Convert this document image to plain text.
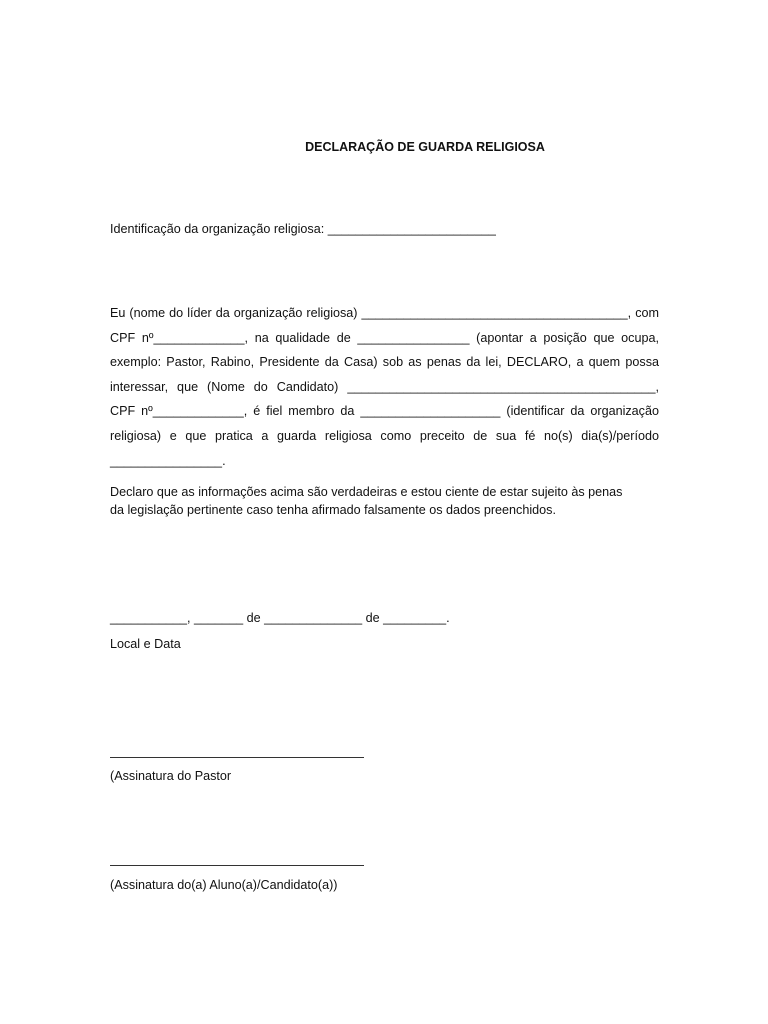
DECLARAÇÃO DE GUARDA RELIGIOSA
Identificação da organização religiosa: ________________________
Eu (nome do líder da organização religiosa) ______________________________________, com
CPF nº_____________, na qualidade de ________________ (apontar a posição que ocupa,
exemplo: Pastor, Rabino, Presidente da Casa) sob as penas da lei, DECLARO, a quem possa
interessar, que (Nome do Candidato) ____________________________________________,
CPF nº_____________, é fiel membro da ____________________ (identificar da organização
religiosa) e que pratica a guarda religiosa como preceito de sua fé no(s) dia(s)/período
________________.
Declaro que as informações acima são verdadeiras e estou ciente de estar sujeito às penas
da legislação pertinente caso tenha afirmado falsamente os dados preenchidos.
___________, _______ de ______________ de _________.
Local e Data
(Assinatura do Pastor
(Assinatura do(a) Aluno(a)/Candidato(a))
